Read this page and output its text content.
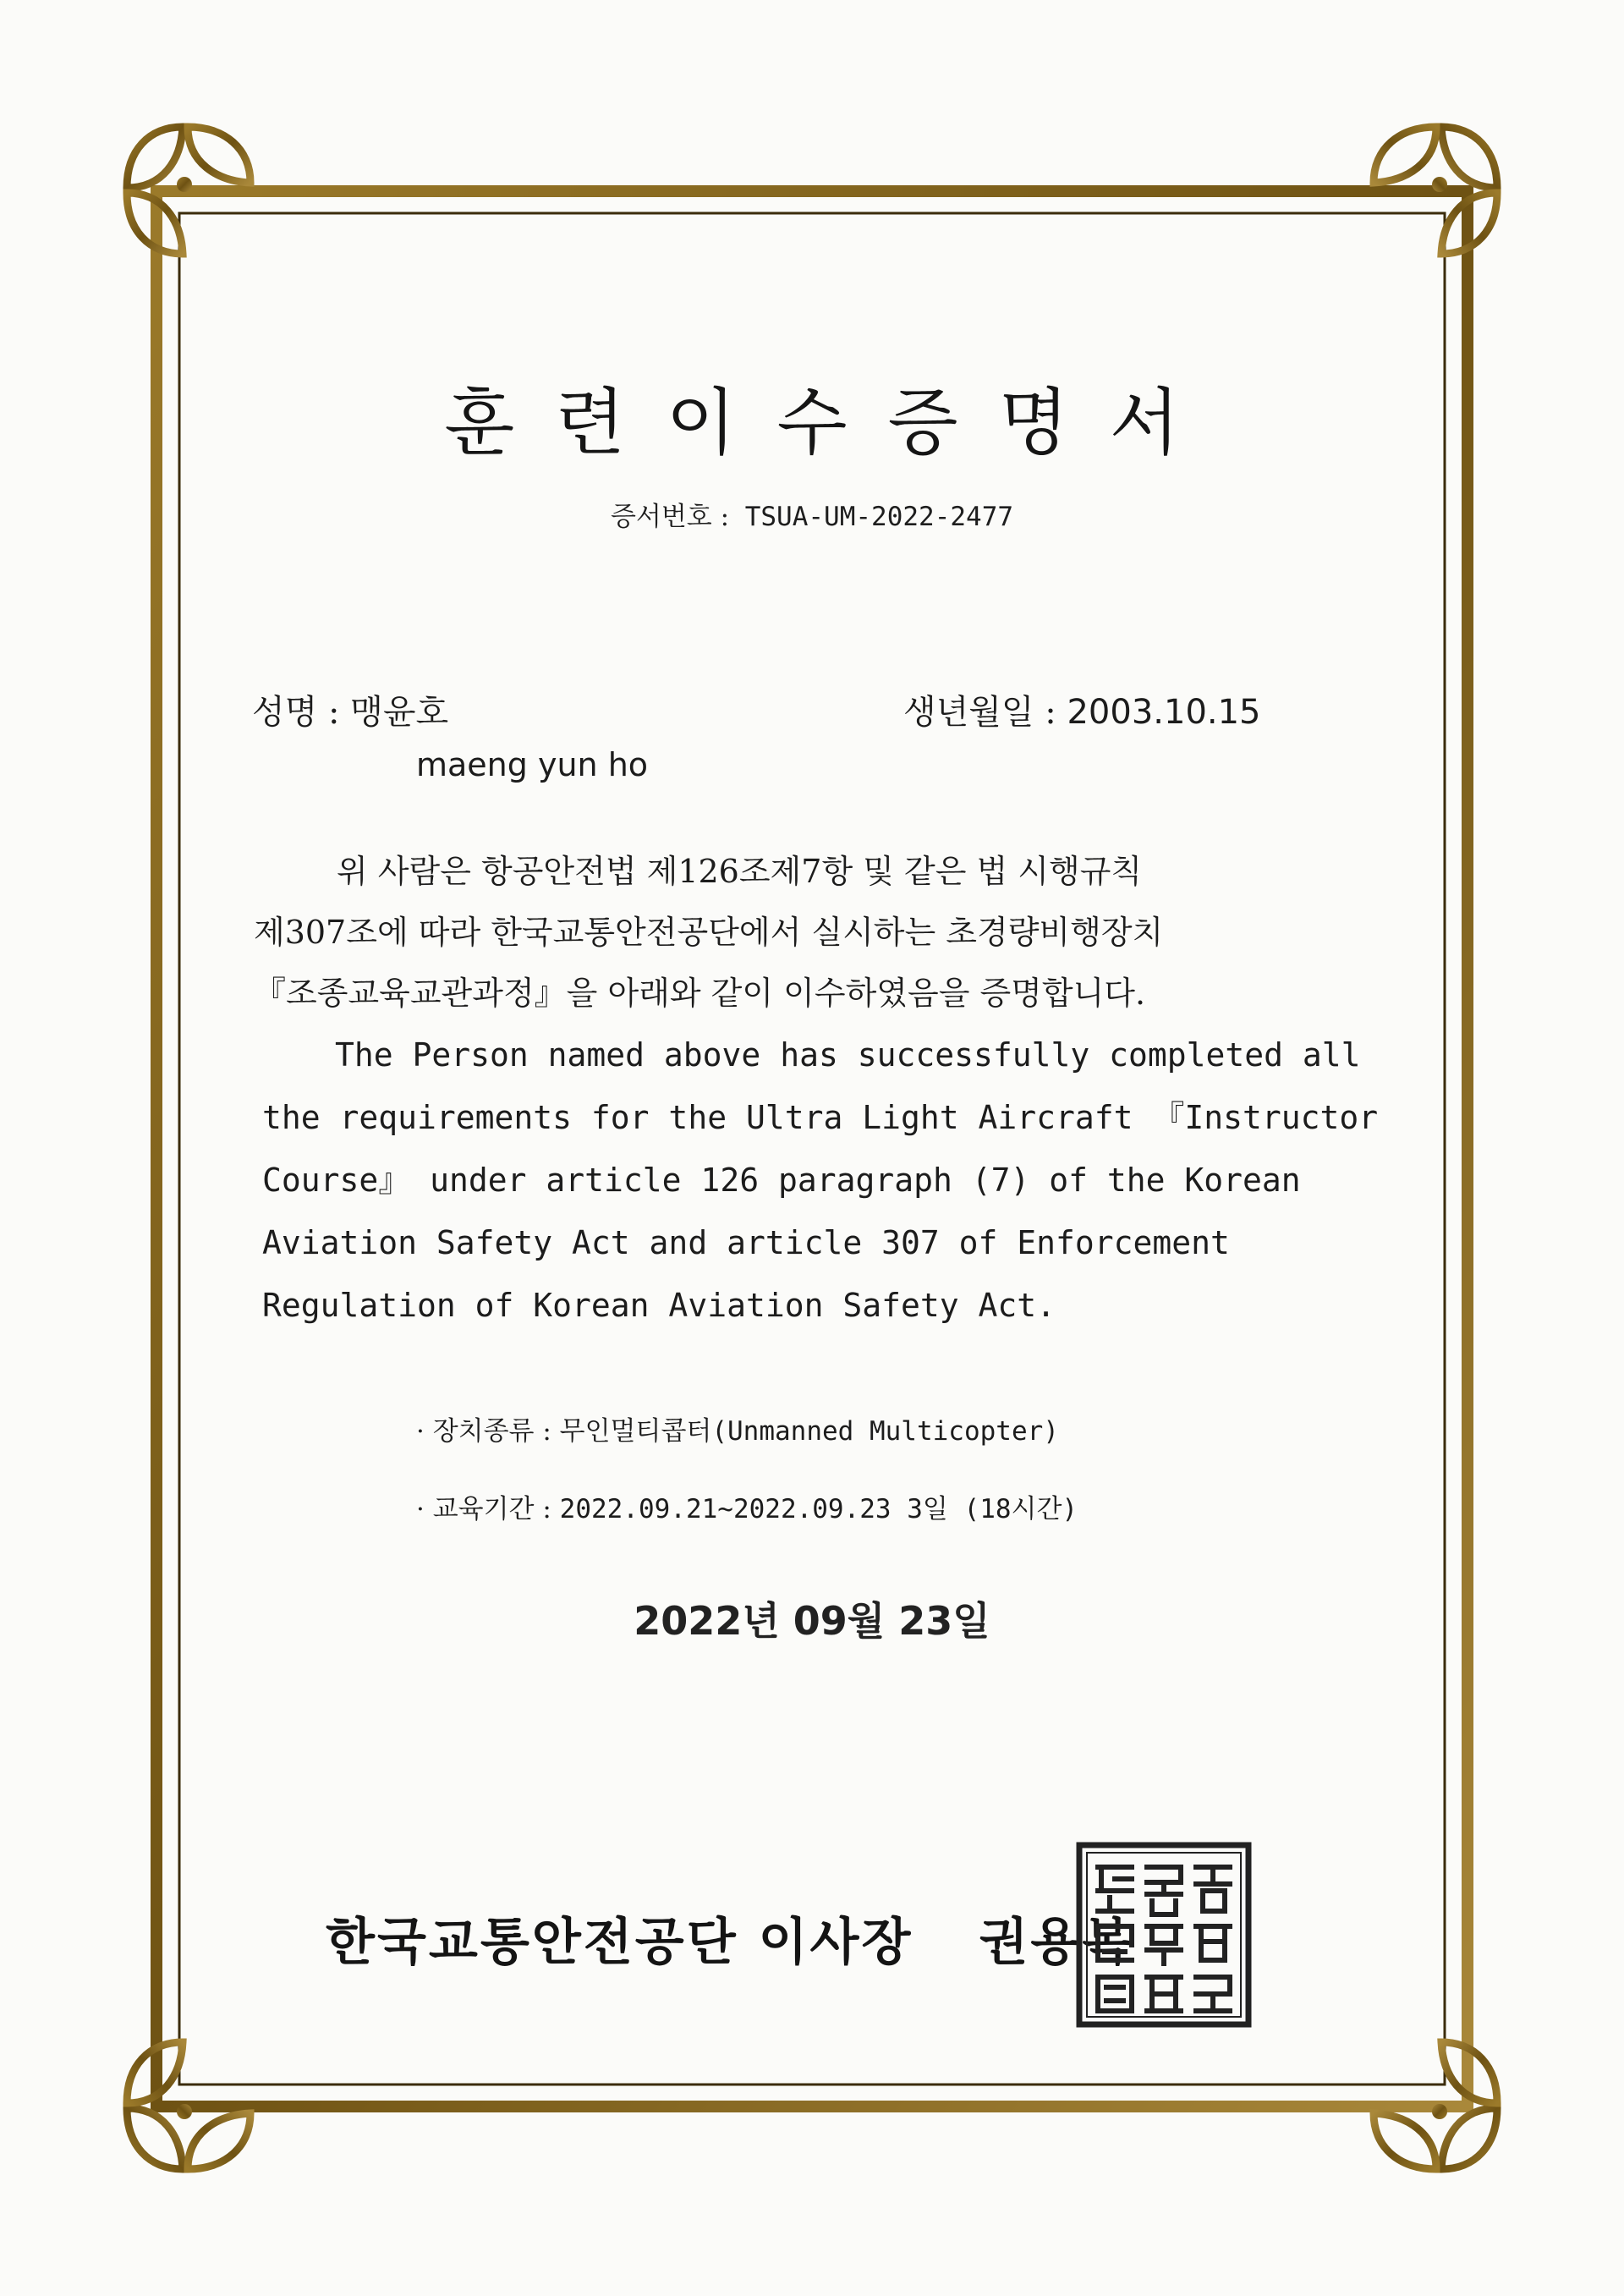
훈련이수증명서
증서번호 : TSUA-UM-2022-2477
성명 : 맹윤호	생년월일 : 2003.10.15
maeng yun ho

위 사람은 항공안전법 제126조제7항 및 같은 법 시행규칙

제307조에 따라 한국교통안전공단에서 실시하는 초경량비행장치

『조종교육교관과정』을 아래와 같이 이수하였음을 증명합니다.

The Person named above has successfully completed all

the requirements for the Ultra Light Aircraft 『Instructor

Course』 under article 126 paragraph (7) of the Korean

Aviation Safety Act and article 307 of Enforcement

Regulation of Korean Aviation Safety Act.

· 장치종류 : 무인멀티콥터(Unmanned Multicopter)
· 교육기간 : 2022.09.21~2022.09.23 3일 (18시간)
2022년 09월 23일
한국교통안전공단 이사장 권용복
